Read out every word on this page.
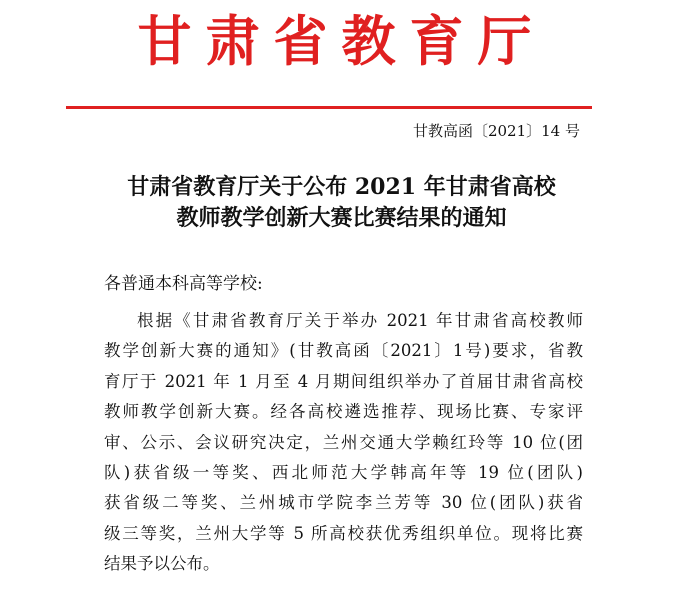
甘肃省教育厅
甘教高函〔2021〕14 号
甘肃省教育厅关于公布 2021 年甘肃省高校
教师教学创新大赛比赛结果的通知
各普通本科高等学校:
根据《甘肃省教育厅关于举办 2021 年甘肃省高校教师
教学创新大赛的通知》(甘教高函〔2021〕1号)要求，省教
育厅于 2021 年 1 月至 4 月期间组织举办了首届甘肃省高校
教师教学创新大赛。经各高校遴选推荐、现场比赛、专家评
审、公示、会议研究决定，兰州交通大学赖红玲等 10 位(团
队)获省级一等奖、西北师范大学韩高年等 19 位(团队)
获省级二等奖、兰州城市学院李兰芳等 30 位(团队)获省
级三等奖，兰州大学等 5 所高校获优秀组织单位。现将比赛
结果予以公布。
